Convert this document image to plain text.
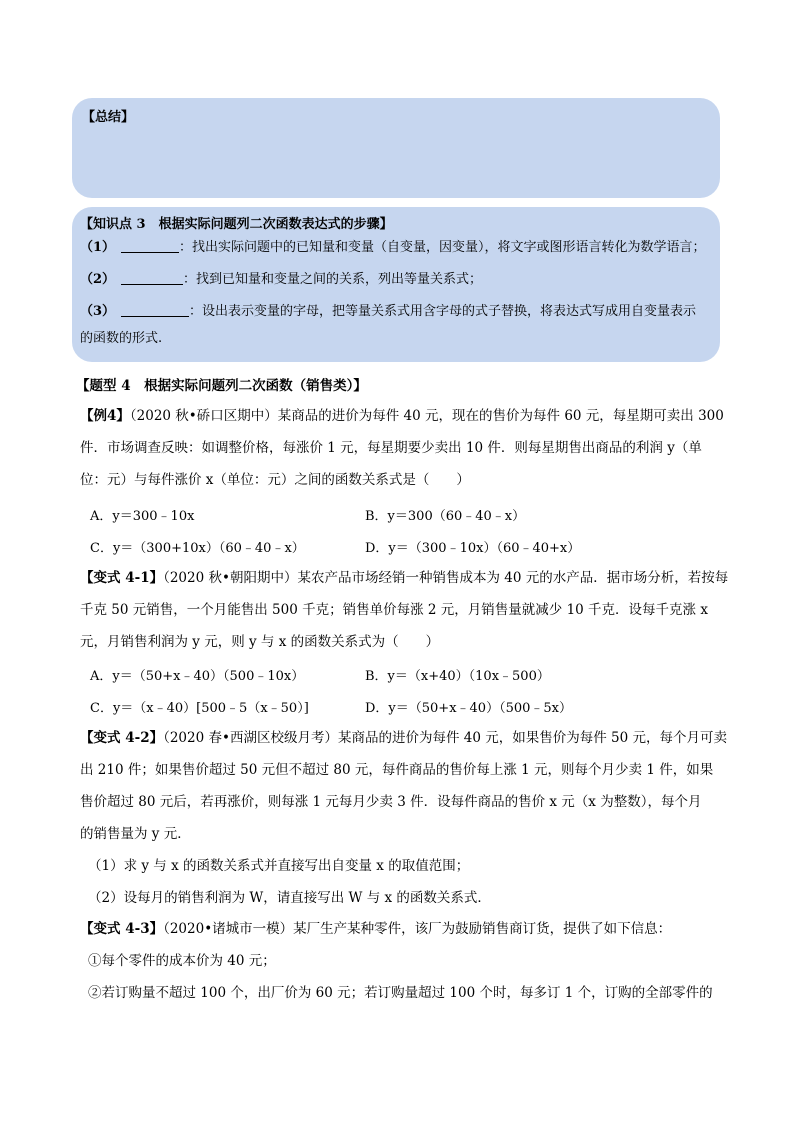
【总结】
【知识点 3　根据实际问题列二次函数表达式的步骤】
（1）	：找出实际问题中的已知量和变量（自变量，因变量），将文字或图形语言转化为数学语言；
（2）	：找到已知量和变量之间的关系，列出等量关系式；
（3）	：设出表示变量的字母，把等量关系式用含字母的式子替换，将表达式写成用自变量表示
的函数的形式.
【题型 4　根据实际问题列二次函数（销售类）】
【例4】（2020 秋•硚口区期中）某商品的进价为每件 40 元，现在的售价为每件 60 元，每星期可卖出 300
件．市场调查反映：如调整价格，每涨价 1 元，每星期要少卖出 10 件．则每星期售出商品的利润 y（单
位：元）与每件涨价 x（单位：元）之间的函数关系式是（　　）
A．y＝300﹣10x	B．y＝300（60﹣40﹣x）
C．y＝（300+10x）（60﹣40﹣x）	D．y＝（300﹣10x）（60﹣40+x）
【变式 4-1】（2020 秋•朝阳期中）某农产品市场经销一种销售成本为 40 元的水产品．据市场分析，若按每
千克 50 元销售，一个月能售出 500 千克；销售单价每涨 2 元，月销售量就减少 10 千克．设每千克涨 x
元，月销售利润为 y 元，则 y 与 x 的函数关系式为（　　）
A．y＝（50+x﹣40）（500﹣10x）	B．y＝（x+40）（10x﹣500）
C．y＝（x﹣40）[500﹣5（x﹣50）]	D．y＝（50+x﹣40）（500﹣5x）
【变式 4-2】（2020 春•西湖区校级月考）某商品的进价为每件 40 元，如果售价为每件 50 元，每个月可卖
出 210 件；如果售价超过 50 元但不超过 80 元，每件商品的售价每上涨 1 元，则每个月少卖 1 件，如果
售价超过 80 元后，若再涨价，则每涨 1 元每月少卖 3 件．设每件商品的售价 x 元（x 为整数），每个月
的销售量为 y 元．
（1）求 y 与 x 的函数关系式并直接写出自变量 x 的取值范围；
（2）设每月的销售利润为 W，请直接写出 W 与 x 的函数关系式．
【变式 4-3】（2020•诸城市一模）某厂生产某种零件，该厂为鼓励销售商订货，提供了如下信息：
①每个零件的成本价为 40 元；
②若订购量不超过 100 个，出厂价为 60 元；若订购量超过 100 个时，每多订 1 个，订购的全部零件的
